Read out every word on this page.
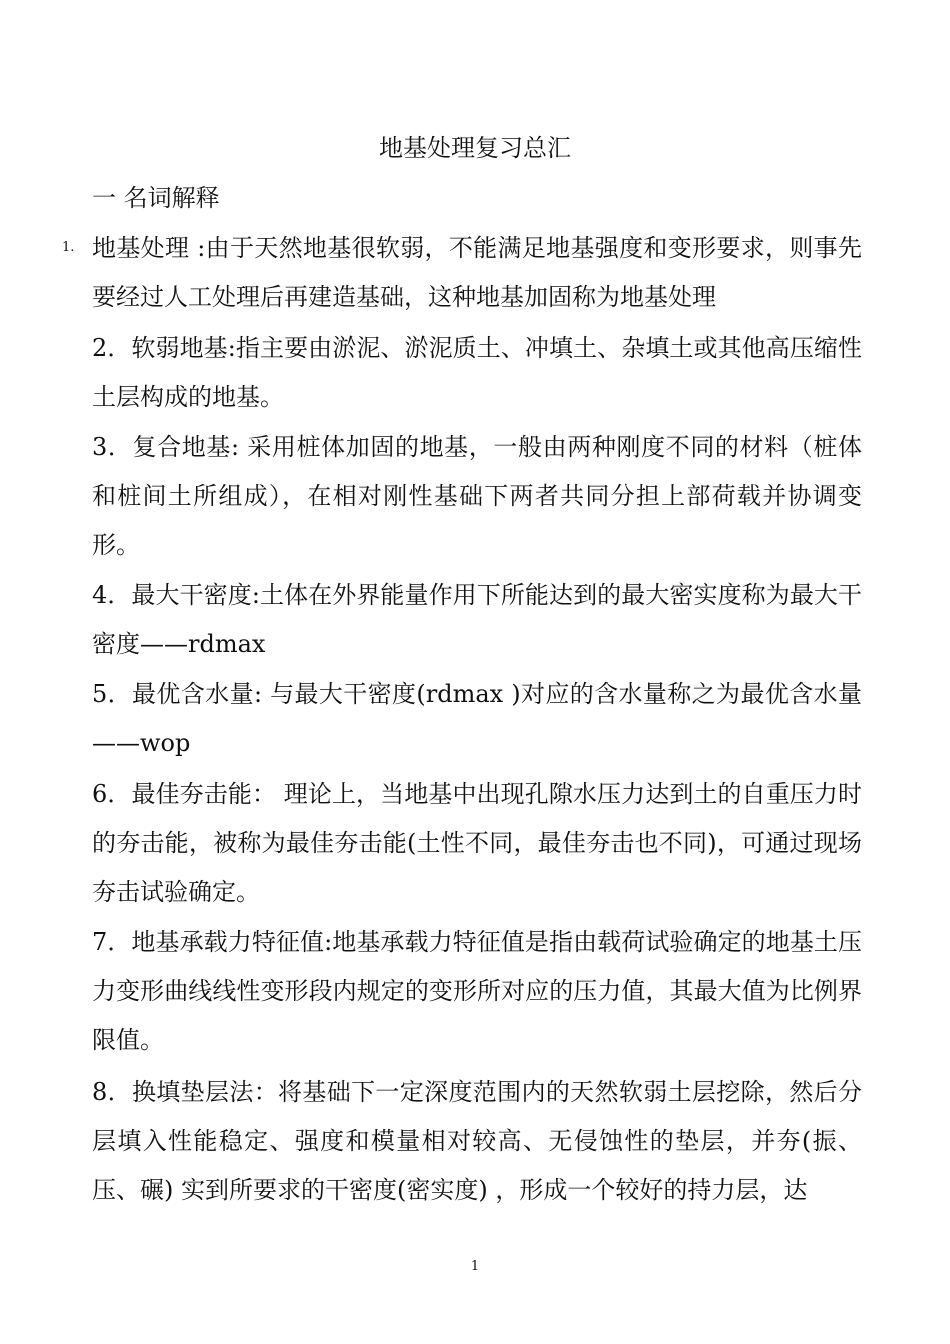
地基处理复习总汇
一 名词解释
1. 地基处理 :由于天然地基很软弱，不能满足地基强度和变形要求，则事先要经过人工处理后再建造基础，这种地基加固称为地基处理
2．软弱地基:指主要由淤泥、淤泥质土、冲填土、杂填土或其他高压缩性土层构成的地基。
3．复合地基: 采用桩体加固的地基，一般由两种刚度不同的材料（桩体和桩间土所组成），在相对刚性基础下两者共同分担上部荷载并协调变形。
4．最大干密度:土体在外界能量作用下所能达到的最大密实度称为最大干密度——rdmax
5．最优含水量: 与最大干密度(rdmax )对应的含水量称之为最优含水量——wop
6．最佳夯击能： 理论上，当地基中出现孔隙水压力达到土的自重压力时的夯击能，被称为最佳夯击能(土性不同，最佳夯击也不同)，可通过现场夯击试验确定。
7．地基承载力特征值:地基承载力特征值是指由载荷试验确定的地基土压力变形曲线线性变形段内规定的变形所对应的压力值，其最大值为比例界限值。
8．换填垫层法：将基础下一定深度范围内的天然软弱土层挖除，然后分层填入性能稳定、强度和模量相对较高、无侵蚀性的垫层，并夯(振、压、碾) 实到所要求的干密度(密实度) ，形成一个较好的持力层，达
1
